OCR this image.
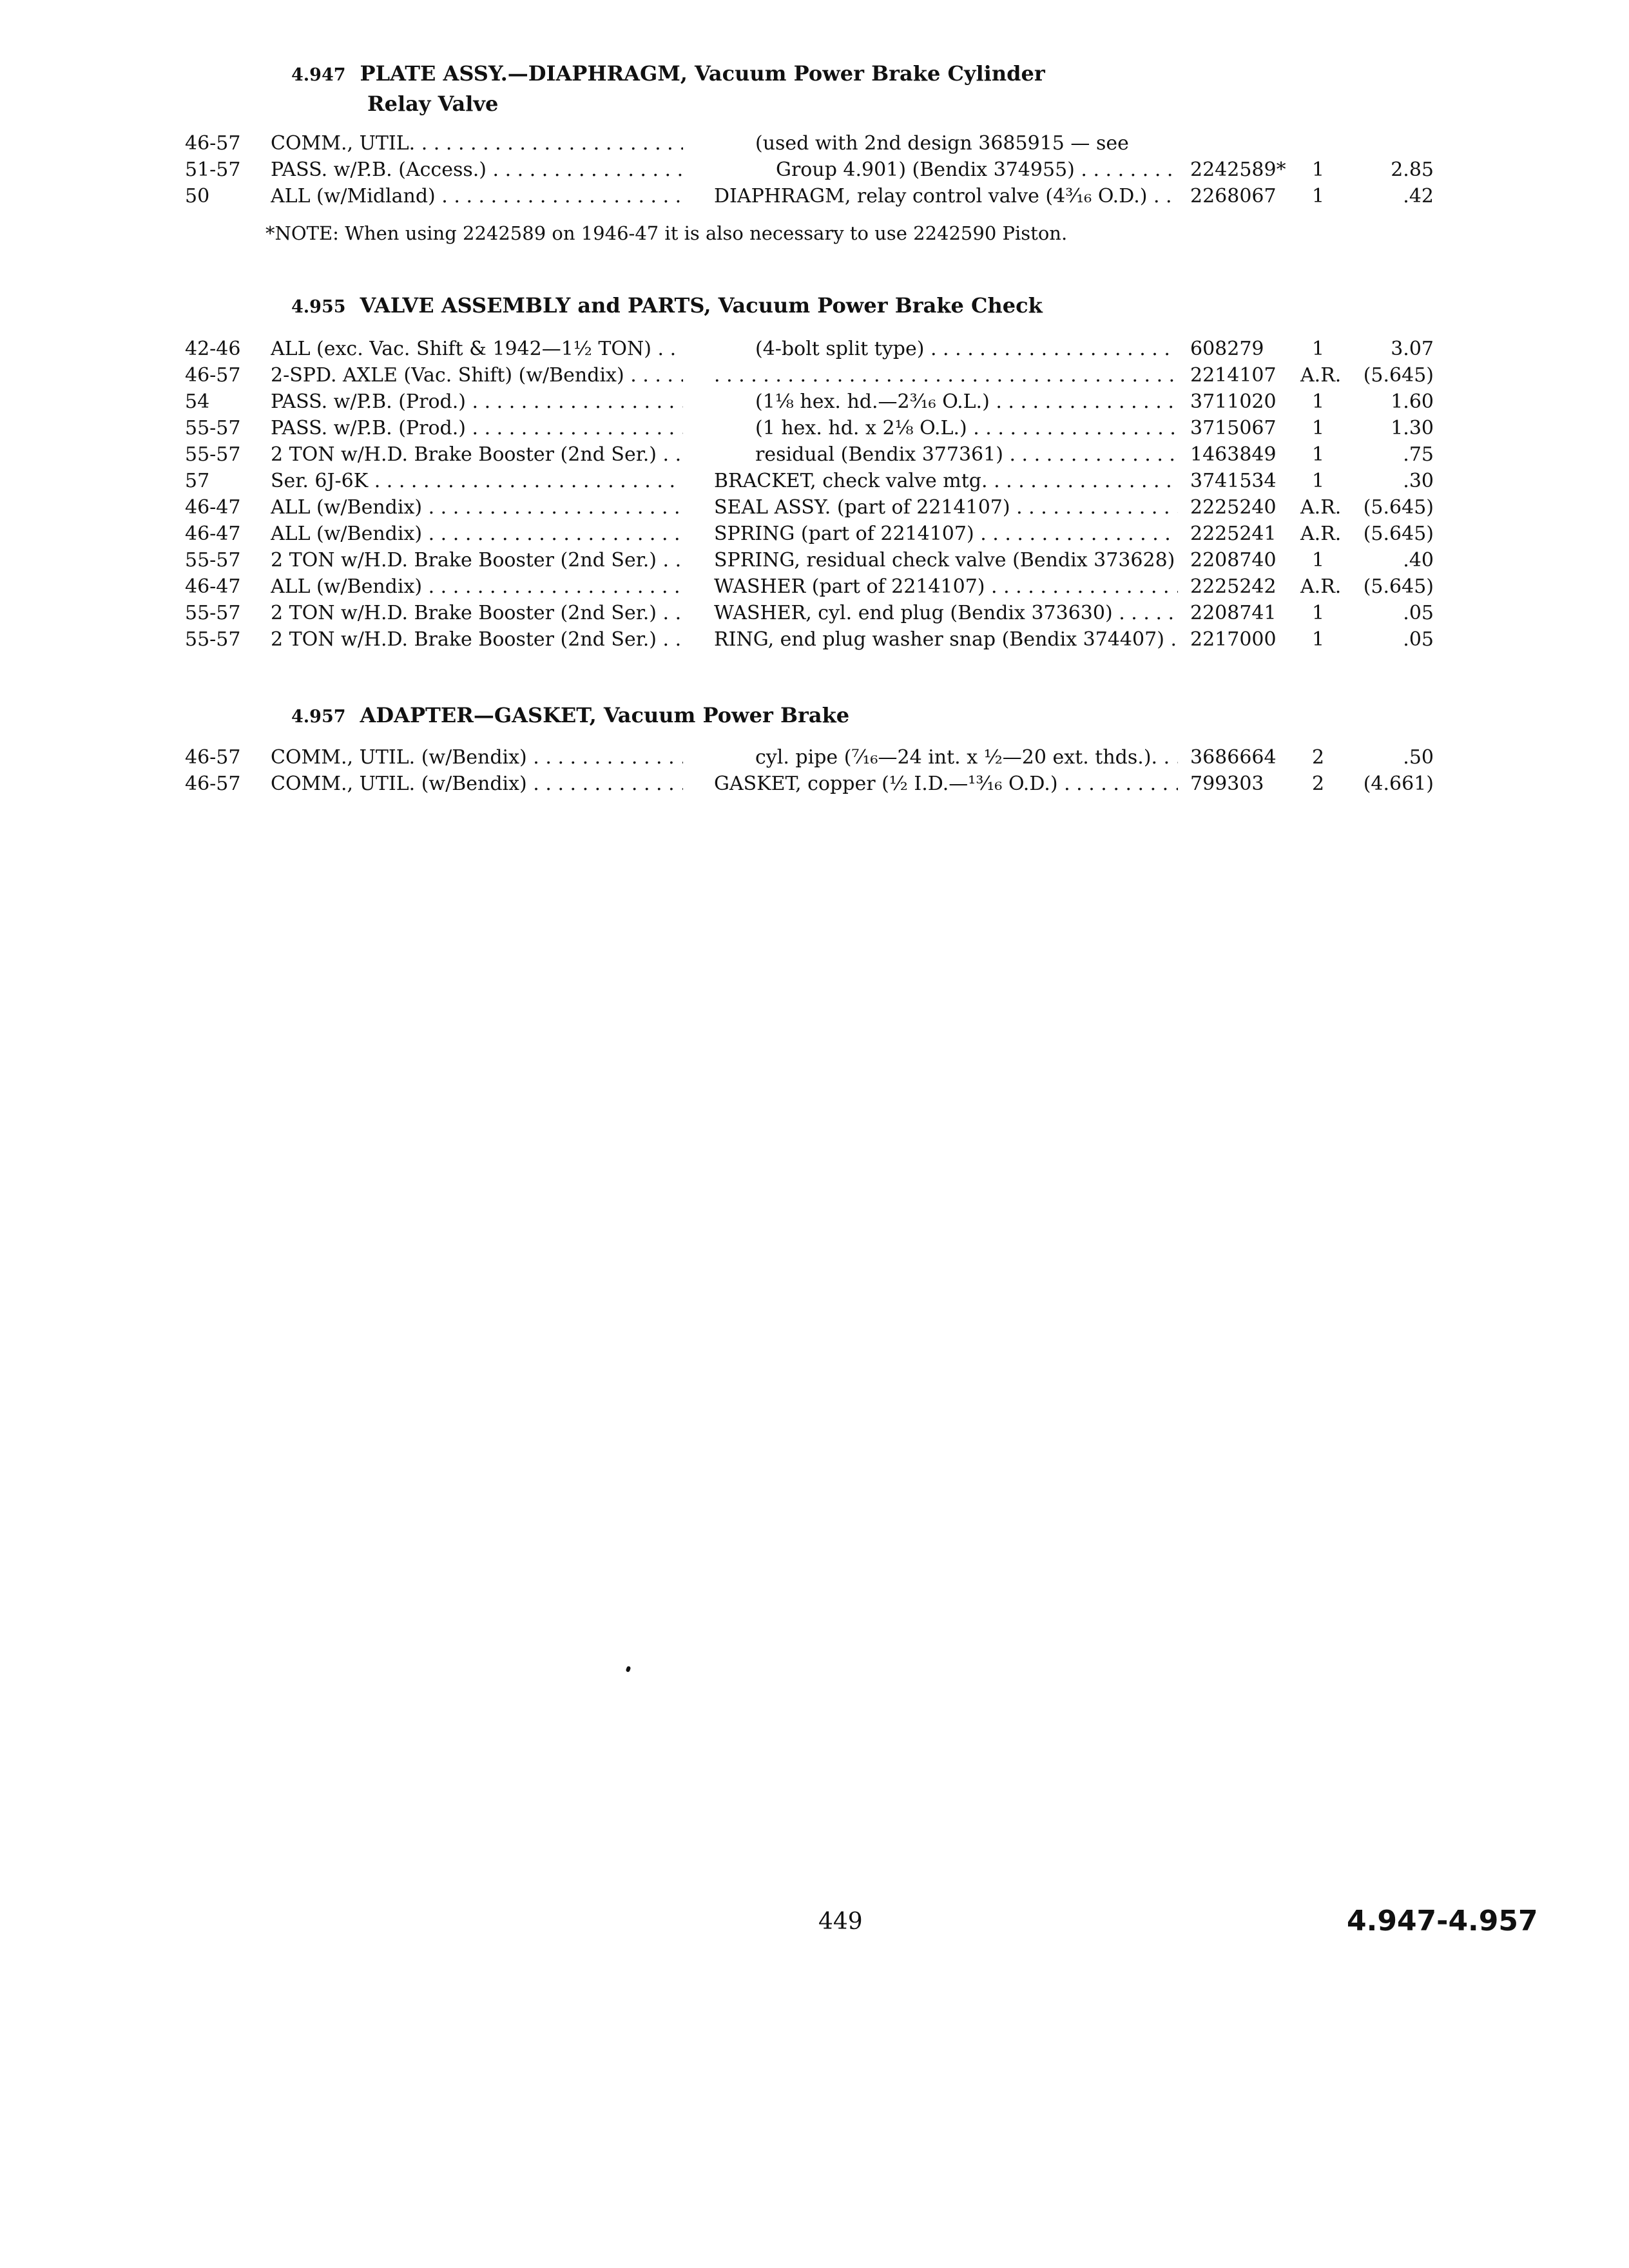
4.947 PLATE ASSY.—DIAPHRAGM, Vacuum Power Brake Cylinder
Relay Valve
46-57	COMM., UTIL. . . .	(used with 2nd design 3685915 — see
51-57	PASS. w/P.B. (Access.) . . .	Group 4.901) (Bendix 374955) . . .	2242589*	1	2.85
50	ALL (w/Midland) . . .	DIAPHRAGM, relay control valve (4³⁄₁₆ O.D.) . . .	2268067	1	.42
*NOTE: When using 2242589 on 1946-47 it is also necessary to use 2242590 Piston.
4.955 VALVE ASSEMBLY and PARTS, Vacuum Power Brake Check
42-46	ALL (exc. Vac. Shift & 1942—1½ TON) . . .	(4-bolt split type) . . .	608279	1	3.07
46-57	2-SPD. AXLE (Vac. Shift) (w/Bendix) . . .
. . .	2214107	A.R.	(5.645)
54	PASS. w/P.B. (Prod.) . . .	(1⅛ hex. hd.—2³⁄₁₆ O.L.) . . .	3711020	1	1.60
55-57	PASS. w/P.B. (Prod.) . . .	(1 hex. hd. x 2⅛ O.L.) . . .	3715067	1	1.30
55-57	2 TON w/H.D. Brake Booster (2nd Ser.) . . .	residual (Bendix 377361) . . .	1463849	1	.75
57	Ser. 6J-6K . . .	BRACKET, check valve mtg. . . .	3741534	1	.30
46-47	ALL (w/Bendix) . . .	SEAL ASSY. (part of 2214107) . . .	2225240	A.R.	(5.645)
46-47	ALL (w/Bendix) . . .	SPRING (part of 2214107) . . .	2225241	A.R.	(5.645)
55-57	2 TON w/H.D. Brake Booster (2nd Ser.) . . .	SPRING, residual check valve (Bendix 373628) . . . 2208740	1	.40
46-47	ALL (w/Bendix) . . .	WASHER (part of 2214107) . . .	2225242	A.R.	(5.645)
55-57	2 TON w/H.D. Brake Booster (2nd Ser.) . . .	WASHER, cyl. end plug (Bendix 373630) . . .	2208741	1	.05
55-57	2 TON w/H.D. Brake Booster (2nd Ser.) . . .	RING, end plug washer snap (Bendix 374407) . . .	2217000	1	.05
4.957 ADAPTER—GASKET, Vacuum Power Brake
46-57	COMM., UTIL. (w/Bendix) . . .	cyl. pipe (⁷⁄₁₆—24 int. x ½—20 ext. thds.). . . .	3686664	2	.50
46-57	COMM., UTIL. (w/Bendix) . . .	GASKET, copper (½ I.D.—¹³⁄₁₆ O.D.) . . .	799303	2	(4.661)
449	4.947-4.957
